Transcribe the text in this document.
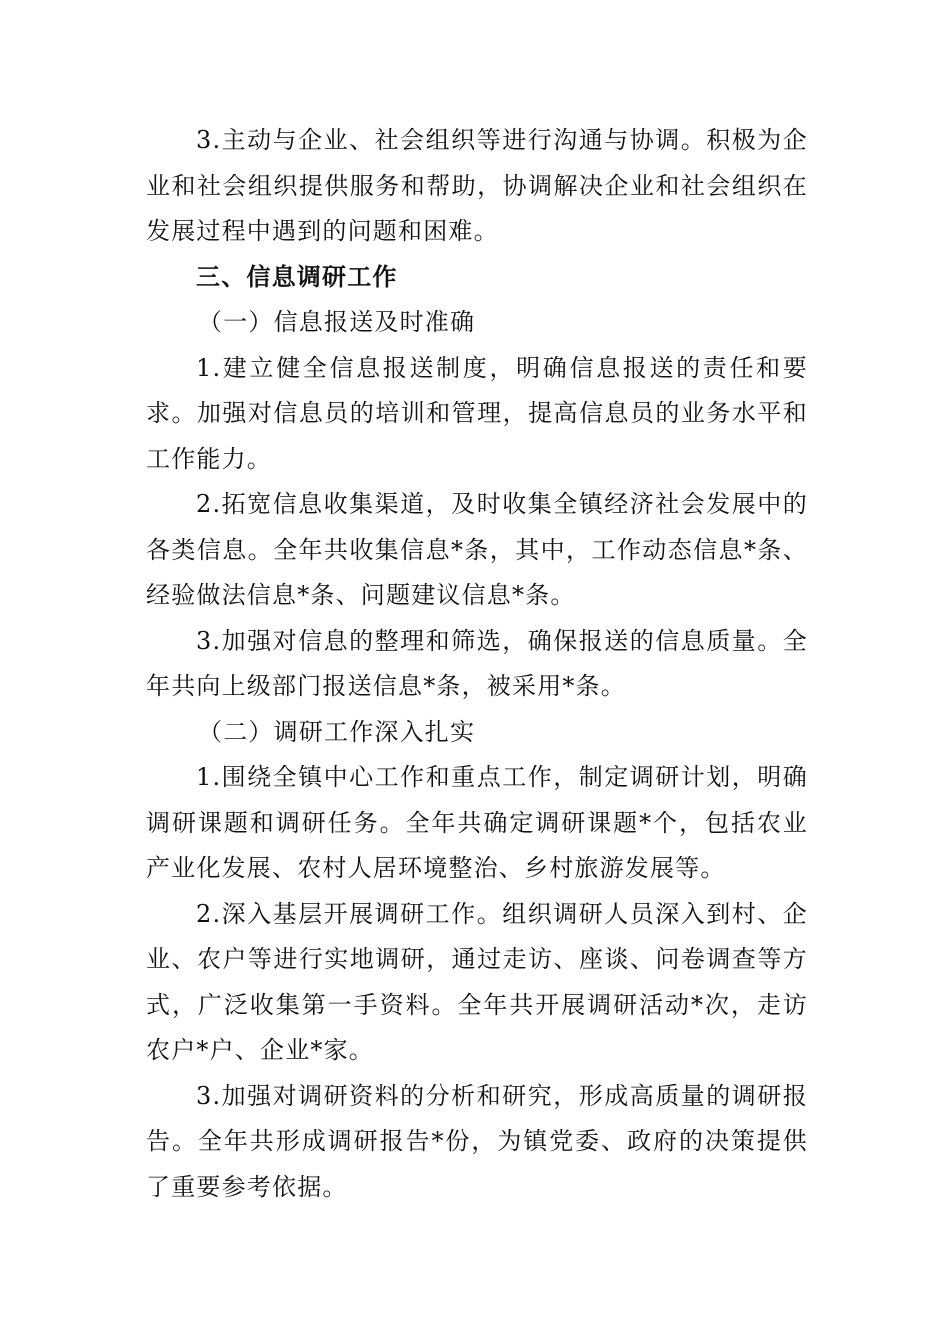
3.主动与企业、社会组织等进行沟通与协调。积极为企业和社会组织提供服务和帮助，协调解决企业和社会组织在发展过程中遇到的问题和困难。

三、信息调研工作

（一）信息报送及时准确

1.建立健全信息报送制度，明确信息报送的责任和要求。加强对信息员的培训和管理，提高信息员的业务水平和工作能力。

2.拓宽信息收集渠道，及时收集全镇经济社会发展中的各类信息。全年共收集信息*条，其中，工作动态信息*条、经验做法信息*条、问题建议信息*条。

3.加强对信息的整理和筛选，确保报送的信息质量。全年共向上级部门报送信息*条，被采用*条。

（二）调研工作深入扎实

1.围绕全镇中心工作和重点工作，制定调研计划，明确调研课题和调研任务。全年共确定调研课题*个，包括农业产业化发展、农村人居环境整治、乡村旅游发展等。

2.深入基层开展调研工作。组织调研人员深入到村、企业、农户等进行实地调研，通过走访、座谈、问卷调查等方式，广泛收集第一手资料。全年共开展调研活动*次，走访农户*户、企业*家。

3.加强对调研资料的分析和研究，形成高质量的调研报告。全年共形成调研报告*份，为镇党委、政府的决策提供了重要参考依据。
